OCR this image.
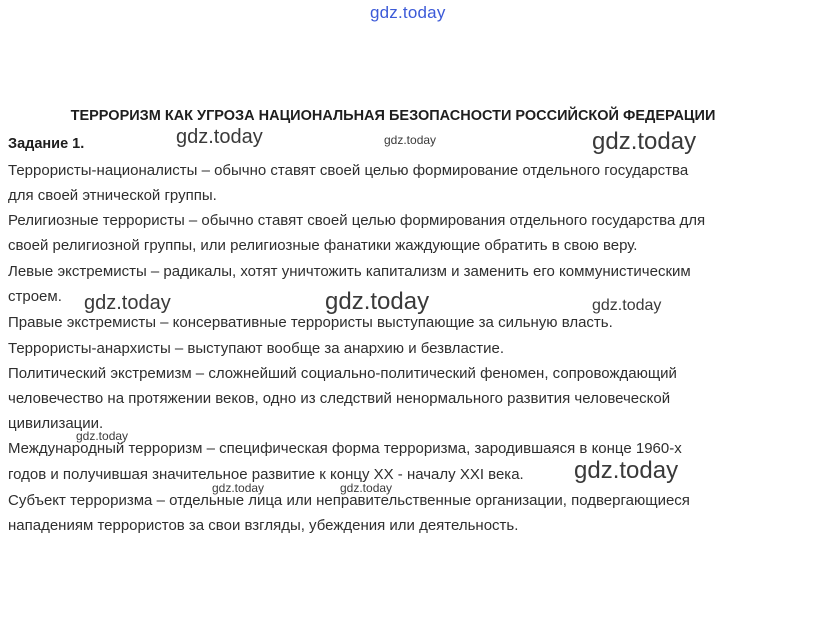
gdz.today
ТЕРРОРИЗМ КАК УГРОЗА НАЦИОНАЛЬНАЯ БЕЗОПАСНОСТИ РОССИЙСКОЙ ФЕДЕРАЦИИ
Задание 1.
Террористы-националисты – обычно ставят своей целью формирование отдельного государства
для своей этнической группы.
Религиозные террористы – обычно ставят своей целью формирования отдельного государства для
своей религиозной группы, или религиозные фанатики жаждующие обратить в свою веру.
Левые экстремисты – радикалы, хотят уничтожить капитализм и заменить его коммунистическим
строем.
Правые экстремисты – консервативные террористы выступающие за сильную власть.
Террористы-анархисты – выступают вообще за анархию и безвластие.
Политический экстремизм – сложнейший социально-политический феномен, сопровождающий
человечество на протяжении веков, одно из следствий ненормального развития человеческой
цивилизации.
Международный терроризм – специфическая форма терроризма, зародившаяся в конце 1960-х
годов и получившая значительное развитие к концу XX - началу XXI века.
Субъект терроризма – отдельные лица или неправительственные организации, подвергающиеся
нападениям террористов за свои взгляды, убеждения или деятельность.
gdz.today	gdz.today	gdz.today
gdz.today	gdz.today	gdz.today
gdz.today
gdz.today
gdz.today	gdz.today
